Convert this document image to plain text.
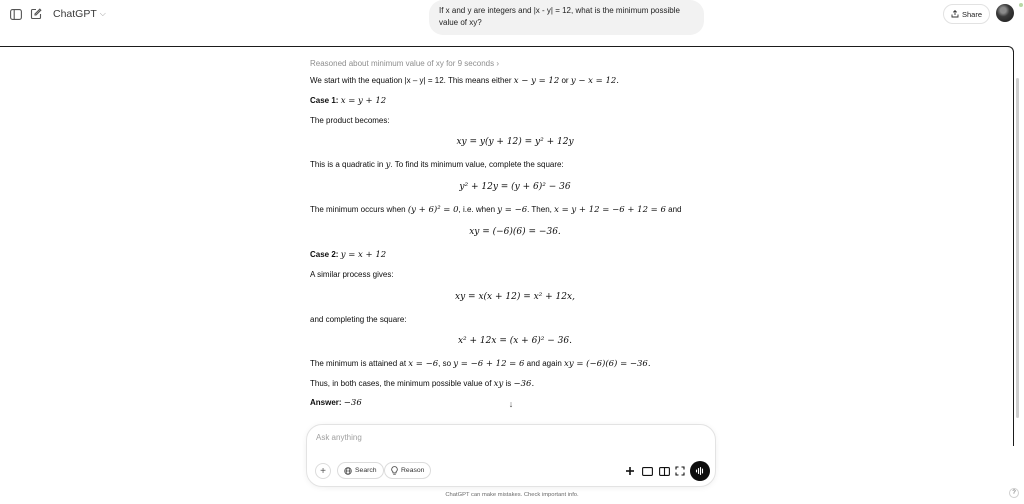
ChatGPT ⌵	If x and y are integers and |x - y| = 12, what is the minimum possible value of xy?
Share
Reasoned about minimum value of xy for 9 seconds ›
We start with the equation |x – y| = 12. This means either x − y = 12 or y − x = 12.
Case 1: x = y + 12
The product becomes:
xy = y(y + 12) = y² + 12y
This is a quadratic in y. To find its minimum value, complete the square:
y² + 12y = (y + 6)² − 36
The minimum occurs when (y + 6)² = 0, i.e. when y = −6. Then, x = y + 12 = −6 + 12 = 6 and
xy = (−6)(6) = −36.
Case 2: y = x + 12
A similar process gives:
xy = x(x + 12) = x² + 12x,
and completing the square:
x² + 12x = (x + 6)² − 36.
The minimum is attained at x = −6, so y = −6 + 12 = 6 and again xy = (−6)(6) = −36.
Thus, in both cases, the minimum possible value of xy is −36.
Answer: −36	↓
Ask anything
+	Search	Reason
ChatGPT can make mistakes. Check important info.	?
